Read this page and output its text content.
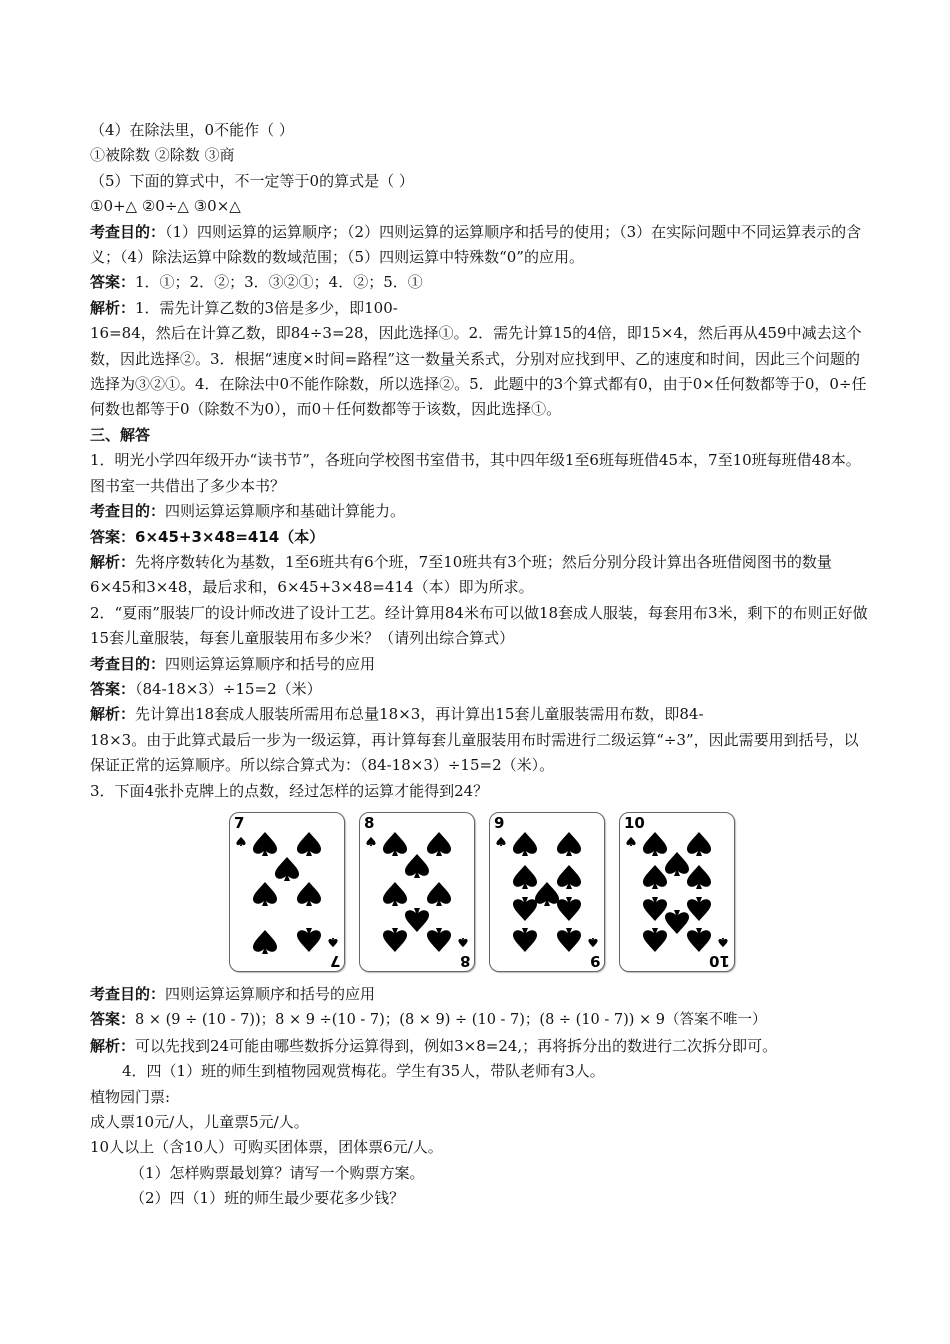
（4）在除法里，0不能作（ ）
①被除数 ②除数 ③商
（5）下面的算式中，不一定等于0的算式是（ ）
①0+△ ②0÷△ ③0×△
考查目的：（1）四则运算的运算顺序；（2）四则运算的运算顺序和括号的使用；（3）在实际问题中不同运算表示的含义；（4）除法运算中除数的数域范围；（5）四则运算中特殊数“0”的应用。
答案：1．①；2．②；3．③②①；4．②；5．①
解析：1．需先计算乙数的3倍是多少，即100-
16=84，然后在计算乙数，即84÷3=28，因此选择①。2．需先计算15的4倍，即15×4，然后再从459中减去这个数，因此选择②。3．根据“速度×时间=路程”这一数量关系式，分别对应找到甲、乙的速度和时间，因此三个问题的选择为③②①。4．在除法中0不能作除数，所以选择②。5．此题中的3个算式都有0，由于0×任何数都等于0，0÷任何数也都等于0（除数不为0），而0＋任何数都等于该数，因此选择①。
三、解答
1．明光小学四年级开办“读书节”，各班向学校图书室借书，其中四年级1至6班每班借45本，7至10班每班借48本。图书室一共借出了多少本书？
考查目的：四则运算运算顺序和基础计算能力。
答案：6×45+3×48=414（本）
解析：先将序数转化为基数，1至6班共有6个班，7至10班共有3个班；然后分别分段计算出各班借阅图书的数量6×45和3×48，最后求和，6×45+3×48=414（本）即为所求。
2．“夏雨”服装厂的设计师改进了设计工艺。经计算用84米布可以做18套成人服装，每套用布3米，剩下的布则正好做15套儿童服装，每套儿童服装用布多少米？（请列出综合算式）
考查目的：四则运算运算顺序和括号的应用
答案：（84-18×3）÷15=2（米）
解析：先计算出18套成人服装所需用布总量18×3，再计算出15套儿童服装需用布数，即84-
18×3。由于此算式最后一步为一级运算，再计算每套儿童服装用布时需进行二级运算“÷3”，因此需要用到括号，以保证正常的运算顺序。所以综合算式为：（84-18×3）÷15=2（米）。
3．下面4张扑克牌上的点数，经过怎样的运算才能得到24？
7
7
8
8
9
9
10
10
考查目的：四则运算运算顺序和括号的应用
答案：8 × (9 ÷ (10 - 7))；8 × 9 ÷(10 - 7)；(8 × 9) ÷ (10 - 7)；(8 ÷ (10 - 7)) × 9（答案不唯一）
解析：可以先找到24可能由哪些数拆分运算得到，例如3×8=24,；再将拆分出的数进行二次拆分即可。
4．四（1）班的师生到植物园观赏梅花。学生有35人，带队老师有3人。
植物园门票:
成人票10元/人，儿童票5元/人。
10人以上（含10人）可购买团体票，团体票6元/人。
（1）怎样购票最划算？请写一个购票方案。
（2）四（1）班的师生最少要花多少钱？
